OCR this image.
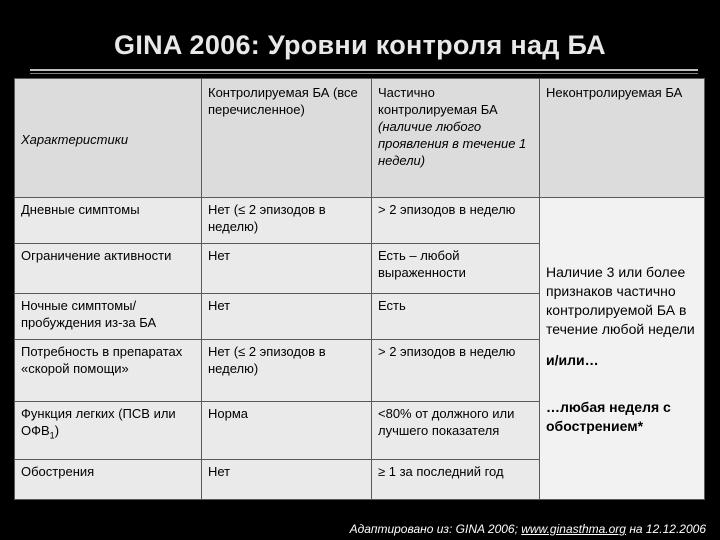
GINA 2006: Уровни контроля над БА
Характеристики	Контролируемая БА (все перечисленное)	Частично контролируемая БА (наличие любого проявления в течение 1 недели)	Неконтролируемая БА
Дневные симптомы	Нет (≤ 2 эпизодов в неделю)	> 2 эпизодов в неделю	Наличие 3 или более признаков частично контролируемой БА в течение любой недели
и/или…
…любая неделя с обострением*

Ограничение активности	Нет	Есть – любой выраженности	
Ночные симптомы/ пробуждения из-за БА	Нет	Есть	
Потребность в препаратах «скорой помощи»	Нет (≤ 2 эпизодов в неделю)	> 2 эпизодов в неделю	
Функция легких (ПСВ или $ОФВ_1$)	Норма	<80% от должного или лучшего показателя	
Обострения	Нет	≥ 1 за последний год	
*По определению, неделя с обострением – это неделя неконтролируемой БА.
Адаптировано из: GINA 2006; www.ginasthma.org на 12.12.2006
